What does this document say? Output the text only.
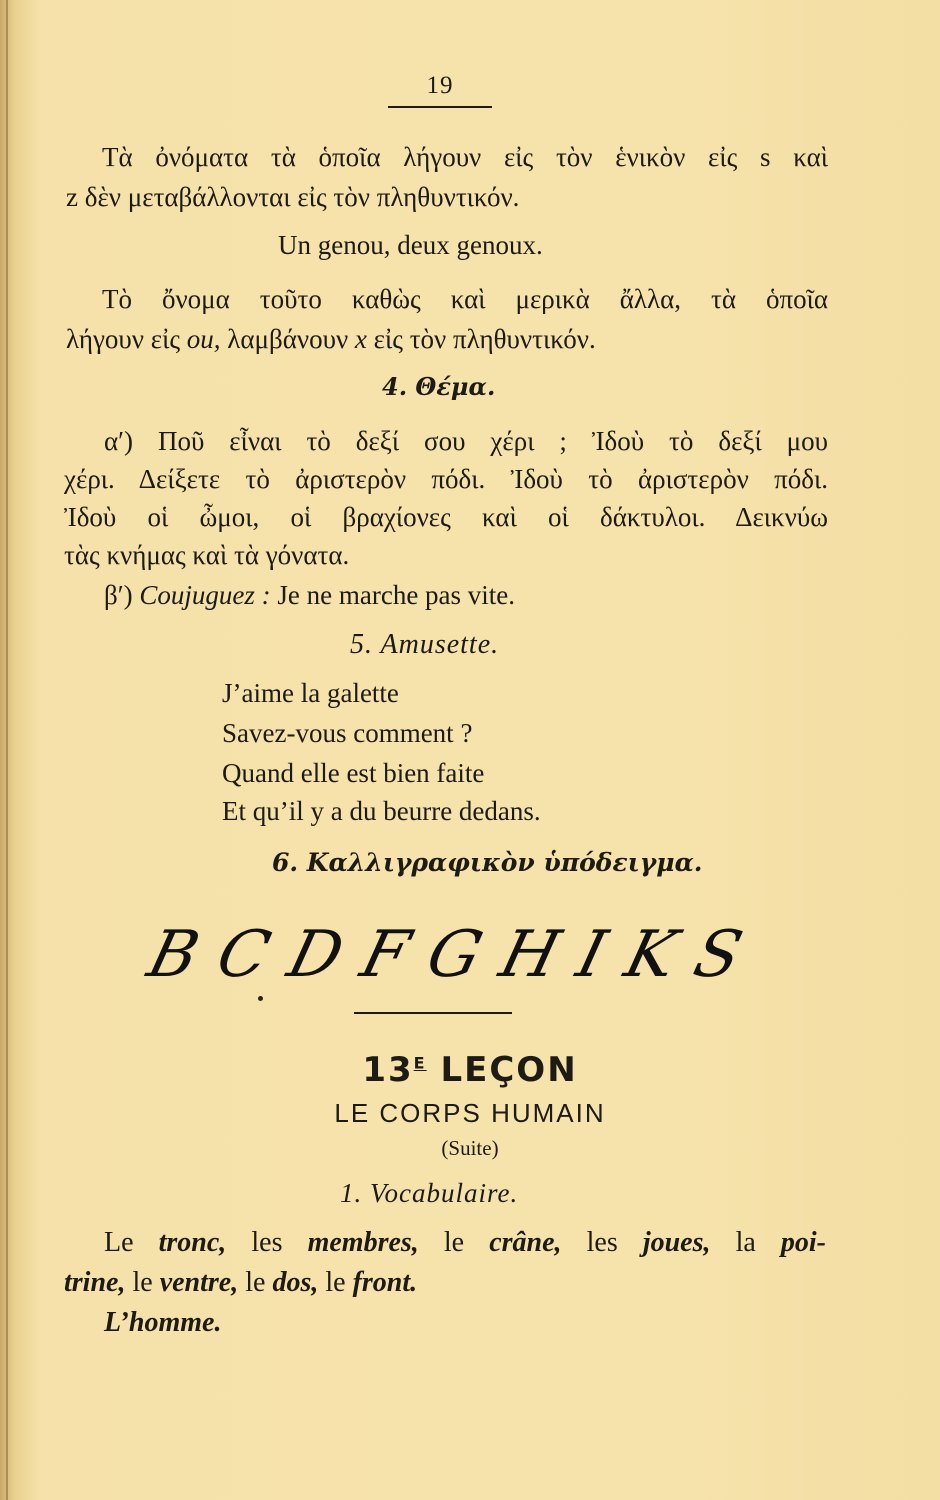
19
Τὰ ὀνόματα τὰ ὁποῖα λήγουν εἰς τὸν ἑνικὸν εἰς s καὶ
z δὲν μεταβάλλονται εἰς τὸν πληθυντικόν.
Un genou, deux genoux.
Τὸ ὄνομα τοῦτο καθὼς καὶ μερικὰ ἄλλα, τὰ ὁποῖα
λήγουν εἰς ou, λαμβάνουν x εἰς τὸν πληθυντικόν.
4. Θέμα.
α′) Ποῦ εἶναι τὸ δεξί σου χέρι ; Ἰδοὺ τὸ δεξί μου
χέρι. Δείξετε τὸ ἀριστερὸν πόδι. Ἰδοὺ τὸ ἀριστερὸν πόδι.
Ἰδοὺ οἱ ὦμοι, οἱ βραχίονες καὶ οἱ δάκτυλοι. Δεικνύω
τὰς κνήμας καὶ τὰ γόνατα.
β′) Coujuguez : Je ne marche pas vite.
5. Amusette.
J’aime la galette
Savez-vous comment ?
Quand elle est bien faite
Et qu’il y a du beurre dedans.
6. Καλλιγραφικὸν ὑπόδειγμα.
B C D F G H I K S
$13^E$ LEÇON
LE CORPS HUMAIN
(Suite)
1. Vocabulaire.
Le tronc, les membres, le crâne, les joues, la poi-
trine, le ventre, le dos, le front.
L’homme.
